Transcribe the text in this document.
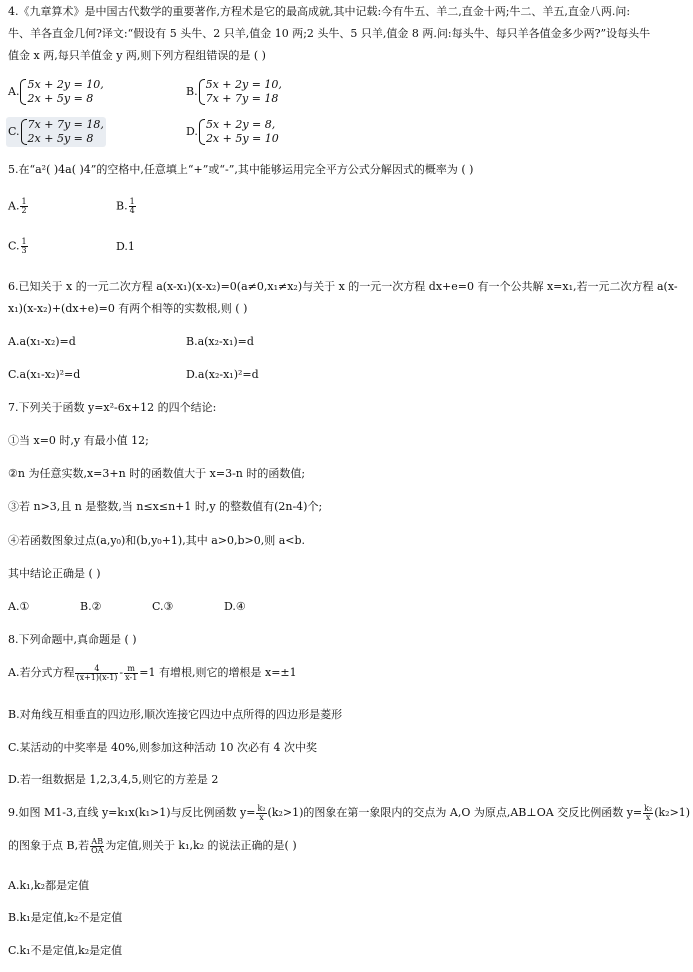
4.《九章算术》是中国古代数学的重要著作,方程术是它的最高成就,其中记载:今有牛五、羊二,直金十两;牛二、羊五,直金八两.问:
牛、羊各直金几何?译文:“假设有 5 头牛、2 只羊,值金 10 两;2 头牛、5 只羊,值金 8 两.问:每头牛、每只羊各值金多少两?”设每头牛
值金 x 两,每只羊值金 y 两,则下列方程组错误的是 ( )
A.
5x + 2y = 10,
2x + 5y = 8
B.
5x + 2y = 10,
7x + 7y = 18
C.
7x + 7y = 18,
2x + 5y = 8
D.
5x + 2y = 8,
2x + 5y = 10
5.在“a²( )4a( )4”的空格中,任意填上“+”或“-”,其中能够运用完全平方公式分解因式的概率为 ( )
A. $\frac{1}{2}$	B. $\frac{1}{4}$
C. $\frac{1}{3}$	D.1
6.已知关于 x 的一元二次方程 a(x-x₁)(x-x₂)=0(a≠0,x₁≠x₂)与关于 x 的一元一次方程 dx+e=0 有一个公共解 x=x₁,若一元二次方程 a(x-
x₁)(x-x₂)+(dx+e)=0 有两个相等的实数根,则 ( )
A.a(x₁-x₂)=d	B.a(x₂-x₁)=d
C.a(x₁-x₂)²=d	D.a(x₂-x₁)²=d
7.下列关于函数 y=x²-6x+12 的四个结论:
①当 x=0 时,y 有最小值 12;
②n 为任意实数,x=3+n 时的函数值大于 x=3-n 时的函数值;
③若 n>3,且 n 是整数,当 n≤x≤n+1 时,y 的整数值有(2n-4)个;
④若函数图象过点(a,y₀)和(b,y₀+1),其中 a>0,b>0,则 a<b.
其中结论正确是 ( )
A.①	B.②	C.③	D.④
8.下列命题中,真命题是 ( )
A.若分式方程 $\frac{4}{(x+1)(x-1)} - \frac{m}{x-1} =1$ 有增根,则它的增根是 x=±1
B.对角线互相垂直的四边形,顺次连接它四边中点所得的四边形是菱形
C.某活动的中奖率是 40%,则参加这种活动 10 次必有 4 次中奖
D.若一组数据是 1,2,3,4,5,则它的方差是 2
9.如图 M1-3,直线 y=k₁x(k₁>1)与反比例函数 $y= \frac{\text{k₂}}{x} (k_2>1)$的图象在第一象限内的交点为 A,O 为原点,AB⊥OA 交反比例函数 $y= \frac{\text{k₂}}{x} (k_2>1)$
的图象于点 B,若 $\frac{AB}{OA}$ 为定值,则关于 k₁,k₂ 的说法正确的是( )
A.k₁,k₂都是定值
B.k₁是定值,k₂不是定值
C.k₁不是定值,k₂是定值
